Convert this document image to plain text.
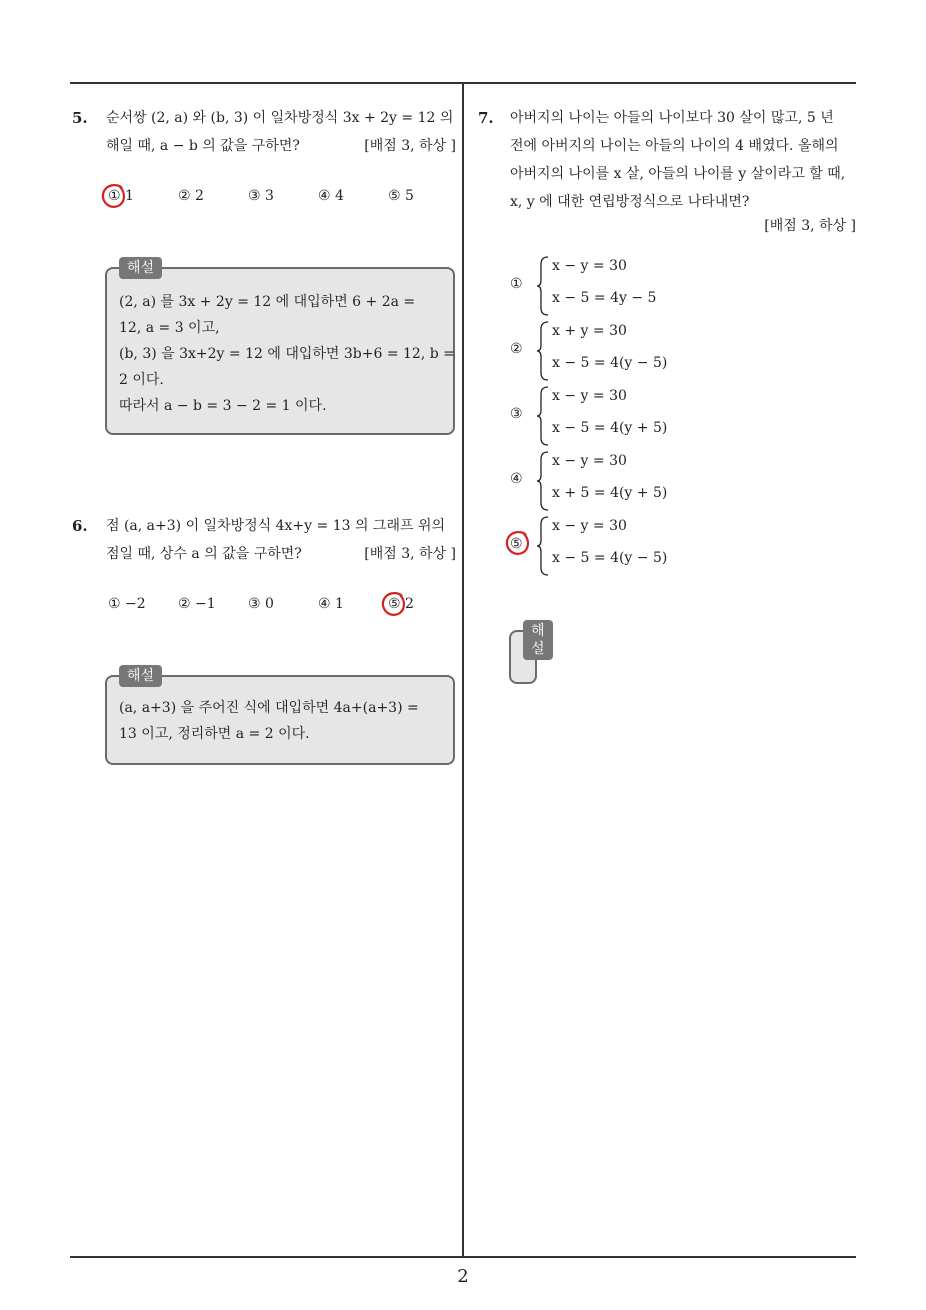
2
5. 순서쌍 (2, a) 와 (b, 3) 이 일차방정식 3x + 2y = 12 의
해일 때, a − b 의 값을 구하면?	[배점 3, 하상 ]
① 1	② 2	③ 3	④ 4	⑤ 5
해설
(2, a) 를 3x + 2y = 12 에 대입하면 6 + 2a =
12, a = 3 이고,
(b, 3) 을 3x+2y = 12 에 대입하면 3b+6 = 12, b =
2 이다.
따라서 a − b = 3 − 2 = 1 이다.
6. 점 (a, a+3) 이 일차방정식 4x+y = 13 의 그래프 위의
점일 때, 상수 a 의 값을 구하면?	[배점 3, 하상 ]
① −2	② −1	③ 0	④ 1	⑤ 2
해설
(a, a+3) 을 주어진 식에 대입하면 4a+(a+3) =
13 이고, 정리하면 a = 2 이다.
7. 아버지의 나이는 아들의 나이보다 30 살이 많고, 5 년
전에 아버지의 나이는 아들의 나이의 4 배였다. 올해의
아버지의 나이를 x 살, 아들의 나이를 y 살이라고 할 때,
x, y 에 대한 연립방정식으로 나타내면?
[배점 3, 하상 ]
①
x − y = 30
x − 5 = 4y − 5
②
x + y = 30
x − 5 = 4(y − 5)
③
x − y = 30
x − 5 = 4(y + 5)
④
x − y = 30
x + 5 = 4(y + 5)
⑤
x − y = 30
x − 5 = 4(y − 5)
해설
